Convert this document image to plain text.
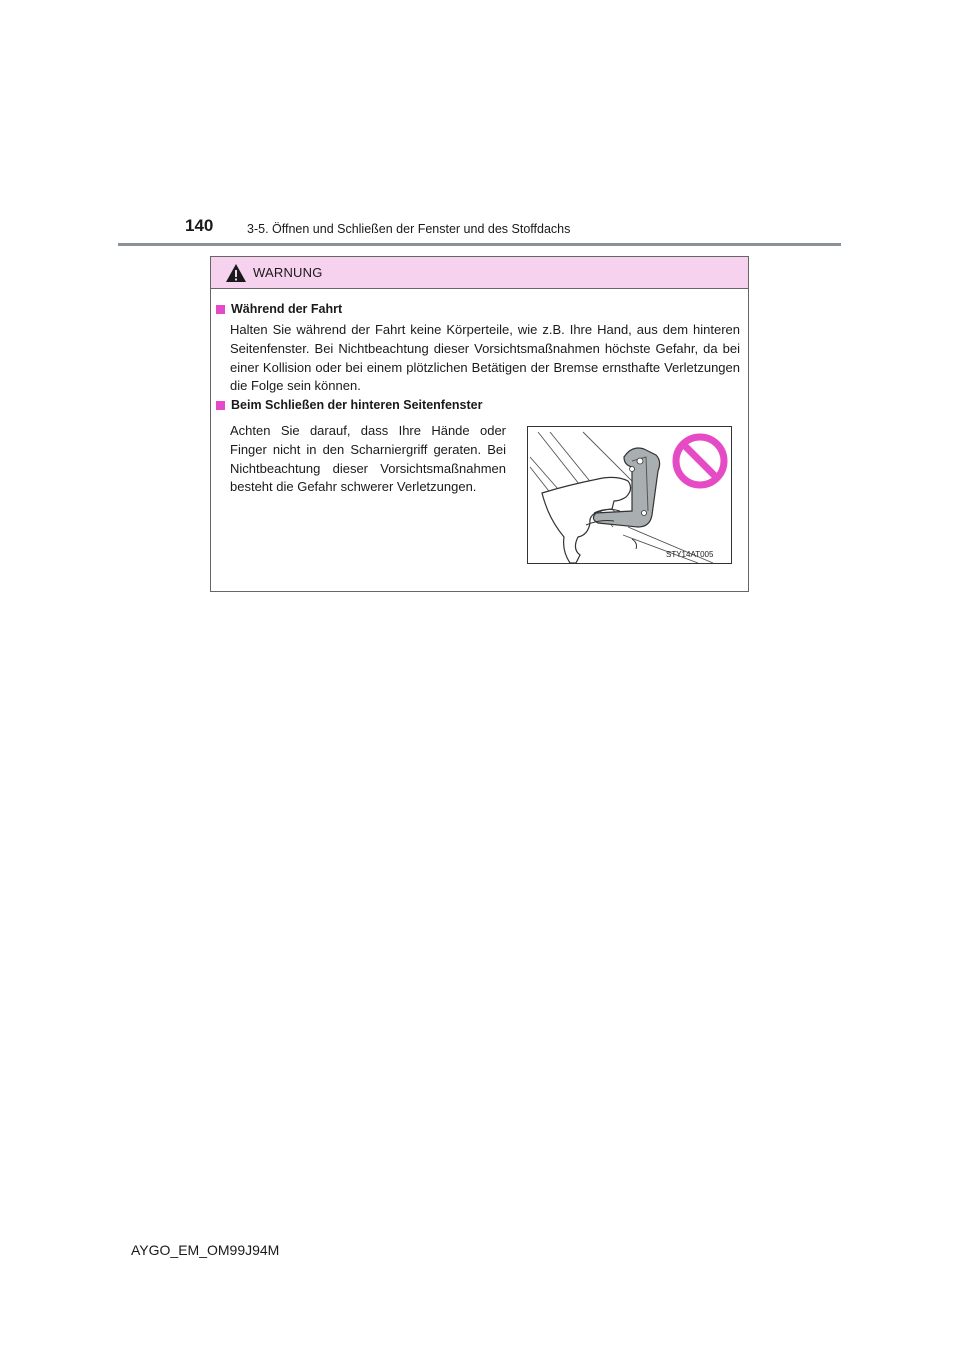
140	3-5. Öffnen und Schließen der Fenster und des Stoffdachs
WARNUNG
Während der Fahrt

Halten Sie während der Fahrt keine Körperteile, wie z.B. Ihre Hand, aus dem hinteren Seitenfenster. Bei Nichtbeachtung dieser Vorsichtsmaßnahmen höchste Gefahr, da bei einer Kollision oder bei einem plötzlichen Betätigen der Bremse ernsthafte Verletzungen die Folge sein können.

Beim Schließen der hinteren Seitenfenster

Achten Sie darauf, dass Ihre Hände oder Finger nicht in den Scharniergriff geraten. Bei Nichtbeachtung dieser Vorsichtsmaßnahmen besteht die Gefahr schwerer Verletzungen.

STY14AT005
AYGO_EM_OM99J94M
